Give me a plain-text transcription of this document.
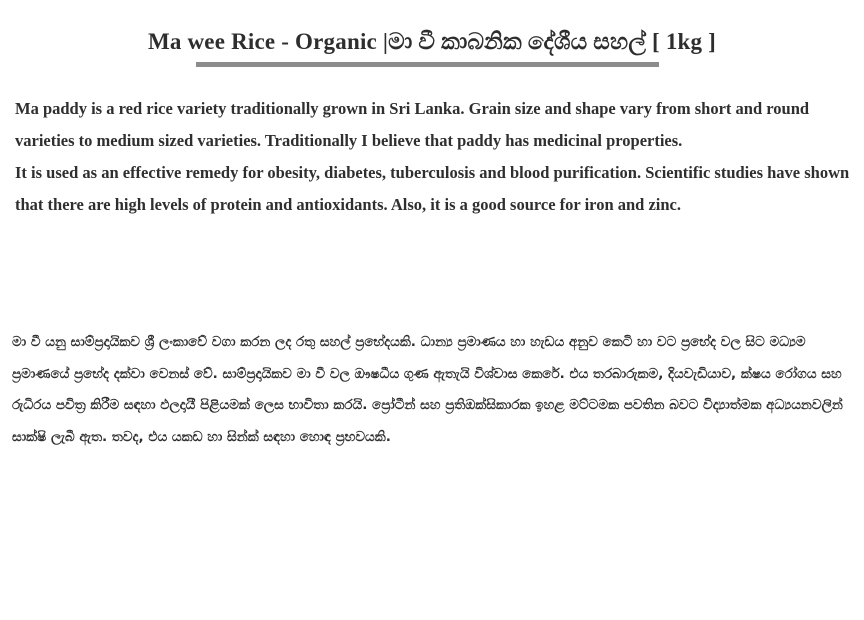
Ma wee Rice - Organic |මා වී කාබනික දේශීය සහල් [ 1kg ]

Ma paddy is a red rice variety traditionally grown in Sri Lanka. Grain size and shape vary from short and round varieties to medium sized varieties. Traditionally I believe that paddy has medicinal properties.

It is used as an effective remedy for obesity, diabetes, tuberculosis and blood purification. Scientific studies have shown that there are high levels of protein and antioxidants. Also, it is a good source for iron and zinc.

මා වී යනු සාම්ප්‍රදායිකව ශ්‍රී ලංකාවේ වගා කරන ලද රතු සහල් ප්‍රභේදයකි. ධාන්‍ය ප්‍රමාණය හා හැඩය අනුව කෙටි හා වට ප්‍රභේද වල සිට මධ්‍යම ප්‍රමාණයේ ප්‍රභේද දක්වා වෙනස් වේ. සාම්ප්‍රදායිකව මා වී වල ඖෂධීය ගුණ ඇතැයි විශ්වාස කෙරේ. එය තරබාරුකම, දියවැඩියාව, ක්ෂය රෝගය සහ රුධිරය පවිත්‍ර කිරීම සඳහා ඵලදායී පිළියමක් ලෙස භාවිතා කරයි. ප්‍රෝටීන් සහ ප්‍රතිඔක්සිකාරක ඉහළ මට්ටමක පවතින බවට විද්‍යාත්මක අධ්‍යයනවලින් සාක්ෂි ලැබී ඇත. තවද, එය යකඩ හා සින්ක් සඳහා හොඳ ප්‍රභවයකි.
